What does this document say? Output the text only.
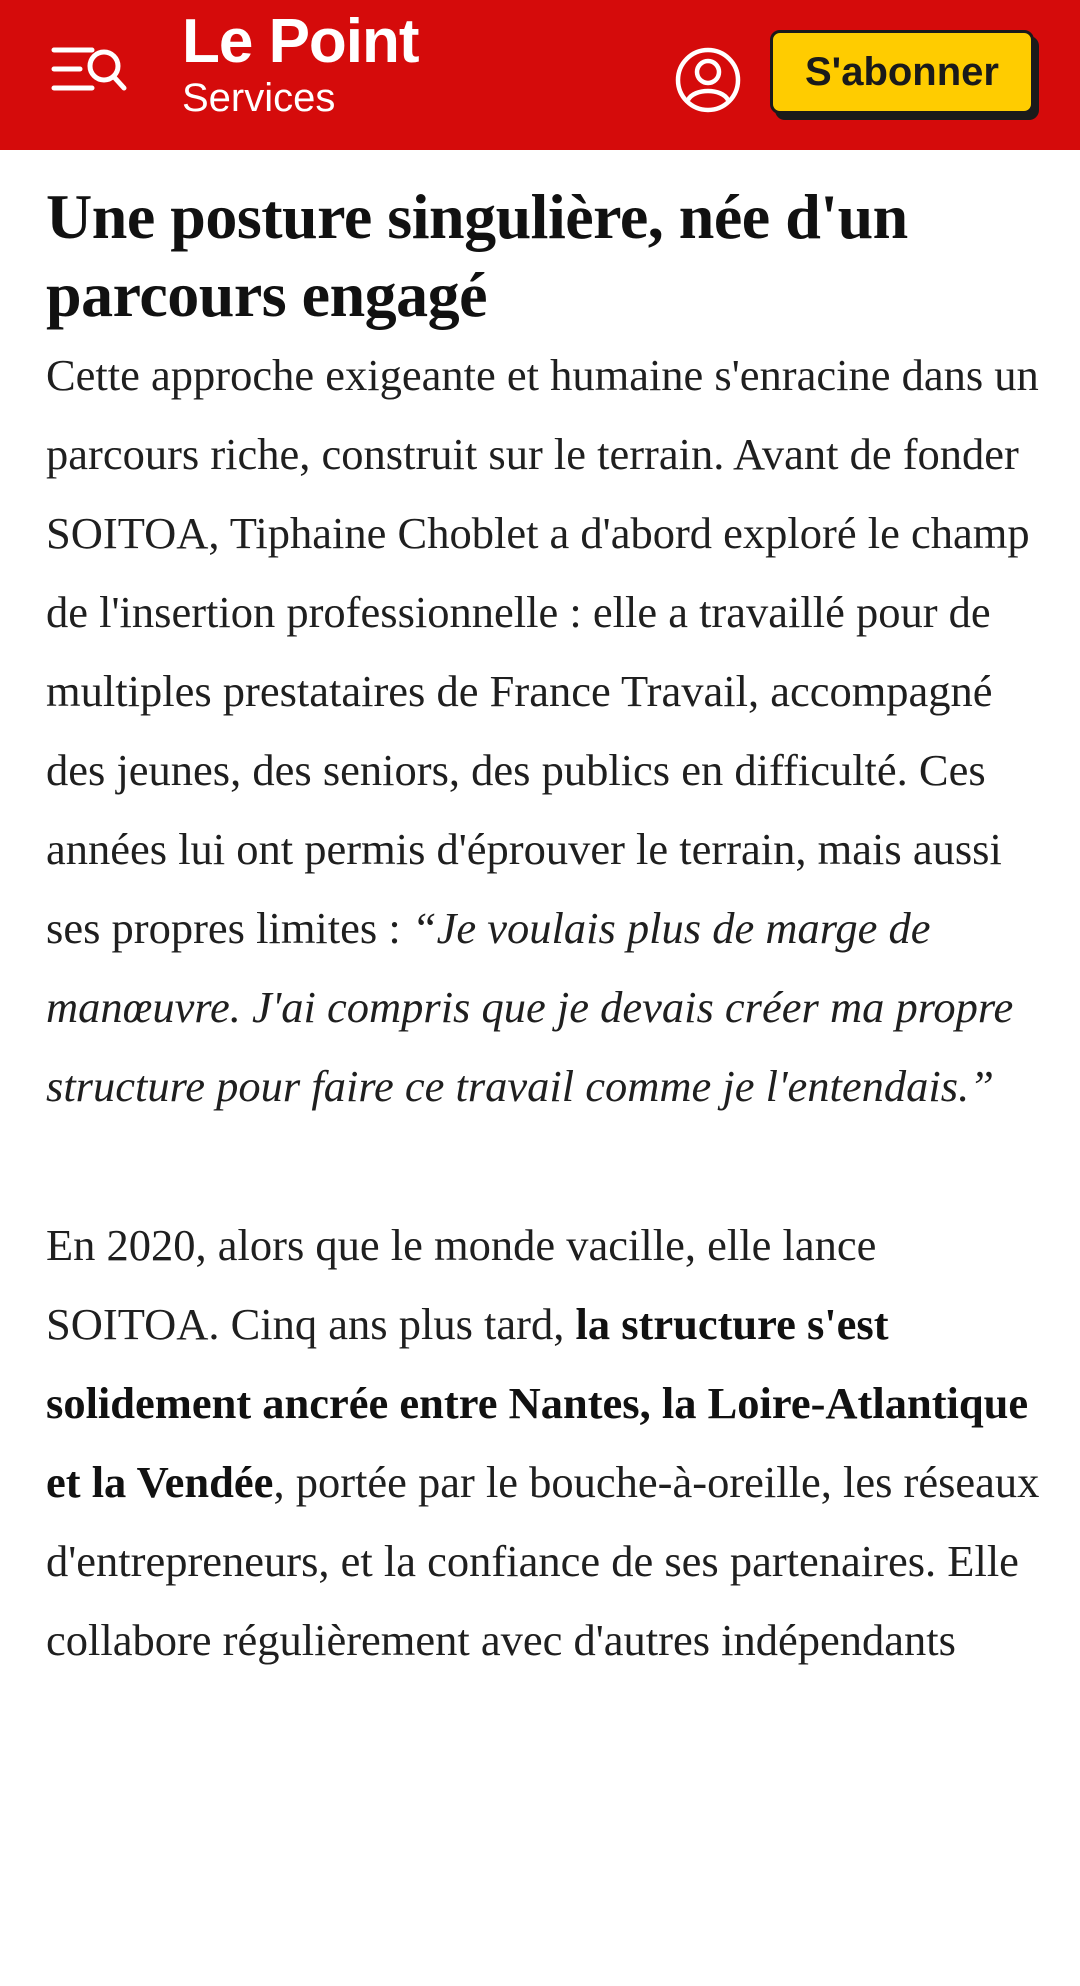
Le Point
Services
S'abonner
Une posture singulière, née d'un parcours engagé

Cette approche exigeante et humaine s'enracine dans un parcours riche, construit sur le terrain. Avant de fonder SOITOA, Tiphaine Choblet a d'abord exploré le champ de l'insertion professionnelle : elle a travaillé pour de multiples prestataires de France Travail, accompagné des jeunes, des seniors, des publics en difficulté. Ces années lui ont permis d'éprouver le terrain, mais aussi ses propres limites : “Je voulais plus de marge de manœuvre. J'ai compris que je devais créer ma propre structure pour faire ce travail comme je l'entendais.”

En 2020, alors que le monde vacille, elle lance SOITOA. Cinq ans plus tard, la structure s'est solidement ancrée entre Nantes, la Loire-Atlantique et la Vendée, portée par le bouche-à-oreille, les réseaux d'entrepreneurs, et la confiance de ses partenaires. Elle collabore régulièrement avec d'autres indépendants
